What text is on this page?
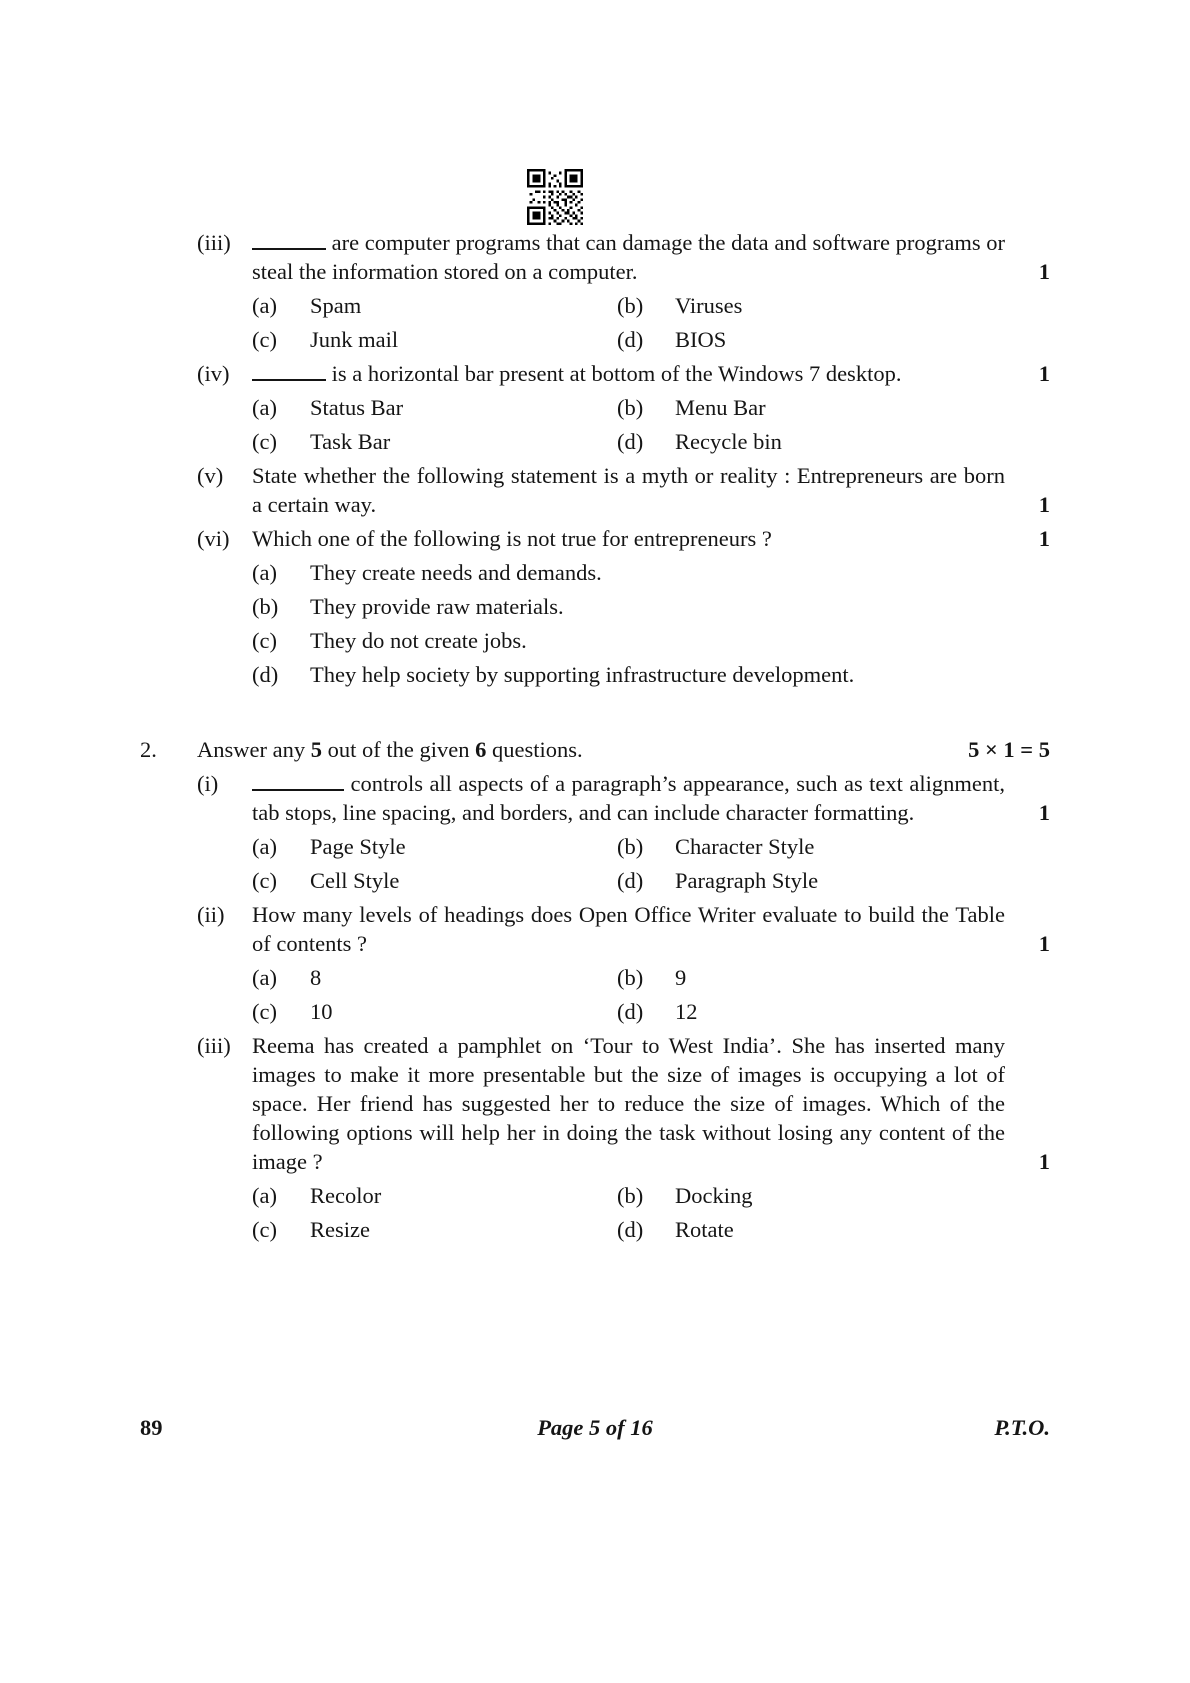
(iii)	are computer programs that can damage the data and software programs or steal the information stored on a computer.	1
(a)	Spam	(b)	Viruses
(c)	Junk mail	(d)	BIOS
(iv)	is a horizontal bar present at bottom of the Windows 7 desktop.	1
(a)	Status Bar	(b)	Menu Bar
(c)	Task Bar	(d)	Recycle bin
(v)	State whether the following statement is a myth or reality : Entrepreneurs are born a certain way.	1
(vi)	Which one of the following is not true for entrepreneurs ?	1
(a)	They create needs and demands.
(b)	They provide raw materials.
(c)	They do not create jobs.
(d)	They help society by supporting infrastructure development.
2.	Answer any 5 out of the given 6 questions.	5 × 1 = 5
(i)	controls all aspects of a paragraph’s appearance, such as text alignment, tab stops, line spacing, and borders, and can include character formatting.	1
(a)	Page Style	(b)	Character Style
(c)	Cell Style	(d)	Paragraph Style
(ii)	How many levels of headings does Open Office Writer evaluate to build the Table of contents ?	1
(a)	8	(b)	9
(c)	10	(d)	12
(iii) Reema has created a pamphlet on ‘Tour to West India’. She has inserted many images to make it more presentable but the size of images is occupying a lot of space. Her friend has suggested her to reduce the size of images. Which of the following options will help her in doing the task without losing any content of the image ?	1
(a)	Recolor	(b)	Docking
(c)	Resize	(d)	Rotate
89	Page 5 of 16	P.T.O.
